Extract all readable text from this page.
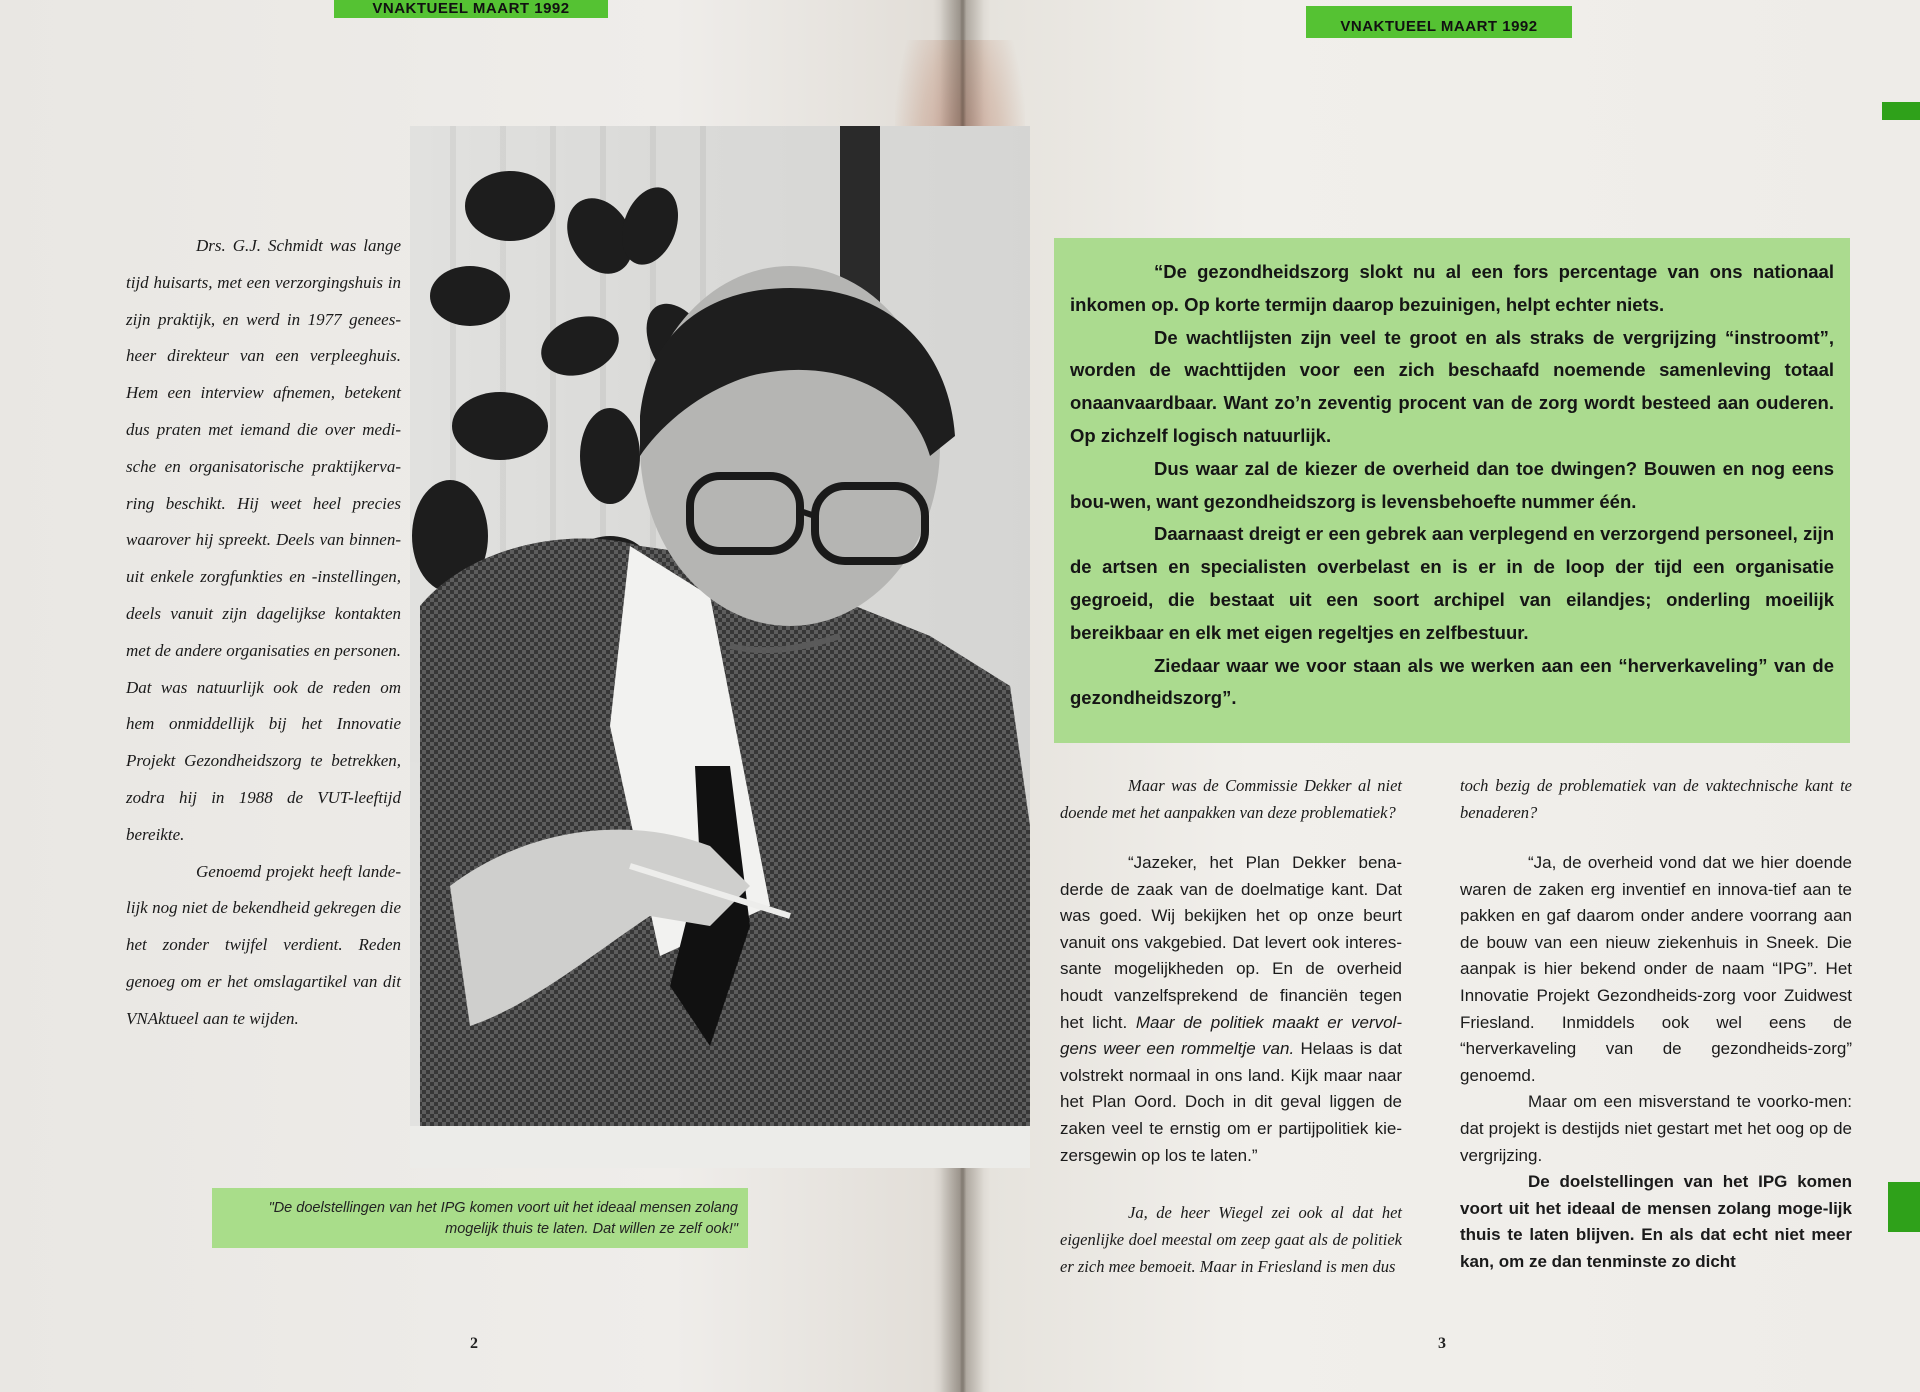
VNAKTUEEL MAART 1992
VNAKTUEEL MAART 1992

Drs. G.J. Schmidt was lange tijd huisarts, met een verzorgingshuis in zijn praktijk, en werd in 1977 genees-heer direkteur van een verpleeghuis. Hem een interview afnemen, betekent dus praten met iemand die over medi-sche en organisatorische praktijkerva-ring beschikt. Hij weet heel precies waarover hij spreekt. Deels van binnen-uit enkele zorgfunkties en -instellingen, deels vanuit zijn dagelijkse kontakten met de andere organisaties en personen. Dat was natuurlijk ook de reden om hem onmiddellijk bij het Innovatie Projekt Gezondheidszorg te betrekken, zodra hij in 1988 de VUT-leeftijd bereikte.

Genoemd projekt heeft lande-lijk nog niet de bekendheid gekregen die het zonder twijfel verdient. Reden genoeg om er het omslagartikel van dit VNAktueel aan te wijden.

"De doelstellingen van het IPG komen voort uit het ideaal mensen zolang mogelijk thuis te laten. Dat willen ze zelf ook!"
2

“De gezondheidszorg slokt nu al een fors percentage van ons nationaal inkomen op. Op korte termijn daarop bezuinigen, helpt echter niets.

De wachtlijsten zijn veel te groot en als straks de vergrijzing “instroomt”, worden de wachttijden voor een zich beschaafd noemende samenleving totaal onaanvaardbaar. Want zo’n zeventig procent van de zorg wordt besteed aan ouderen. Op zichzelf logisch natuurlijk.

Dus waar zal de kiezer de overheid dan toe dwingen? Bouwen en nog eens bou-wen, want gezondheidszorg is levensbehoefte nummer één.

Daarnaast dreigt er een gebrek aan verplegend en verzorgend personeel, zijn de artsen en specialisten overbelast en is er in de loop der tijd een organisatie gegroeid, die bestaat uit een soort archipel van eilandjes; onderling moeilijk bereikbaar en elk met eigen regeltjes en zelfbestuur.

Ziedaar waar we voor staan als we werken aan een “herverkaveling” van de gezondheidszorg”.

Maar was de Commissie Dekker al niet doende met het aanpakken van deze problematiek?

“Jazeker, het Plan Dekker bena-derde de zaak van de doelmatige kant. Dat was goed. Wij bekijken het op onze beurt vanuit ons vakgebied. Dat levert ook interes-sante mogelijkheden op. En de overheid houdt vanzelfsprekend de financiën tegen het licht. Maar de politiek maakt er vervol-gens weer een rommeltje van. Helaas is dat volstrekt normaal in ons land. Kijk maar naar het Plan Oord. Doch in dit geval liggen de zaken veel te ernstig om er partijpolitiek kie-zersgewin op los te laten.”

Ja, de heer Wiegel zei ook al dat het eigenlijke doel meestal om zeep gaat als de politiek er zich mee bemoeit. Maar in Friesland is men dus

toch bezig de problematiek van de vaktechnische kant te benaderen?

“Ja, de overheid vond dat we hier doende waren de zaken erg inventief en innova-tief aan te pakken en gaf daarom onder andere voorrang aan de bouw van een nieuw ziekenhuis in Sneek. Die aanpak is hier bekend onder de naam “IPG”. Het Innovatie Projekt Gezondheids-zorg voor Zuidwest Friesland. Inmiddels ook wel eens de “herverkaveling van de gezondheids-zorg” genoemd.

Maar om een misverstand te voorko-men: dat projekt is destijds niet gestart met het oog op de vergrijzing.

De doelstellingen van het IPG komen voort uit het ideaal de mensen zolang moge-lijk thuis te laten blijven. En als dat echt niet meer kan, om ze dan tenminste zo dicht

3
